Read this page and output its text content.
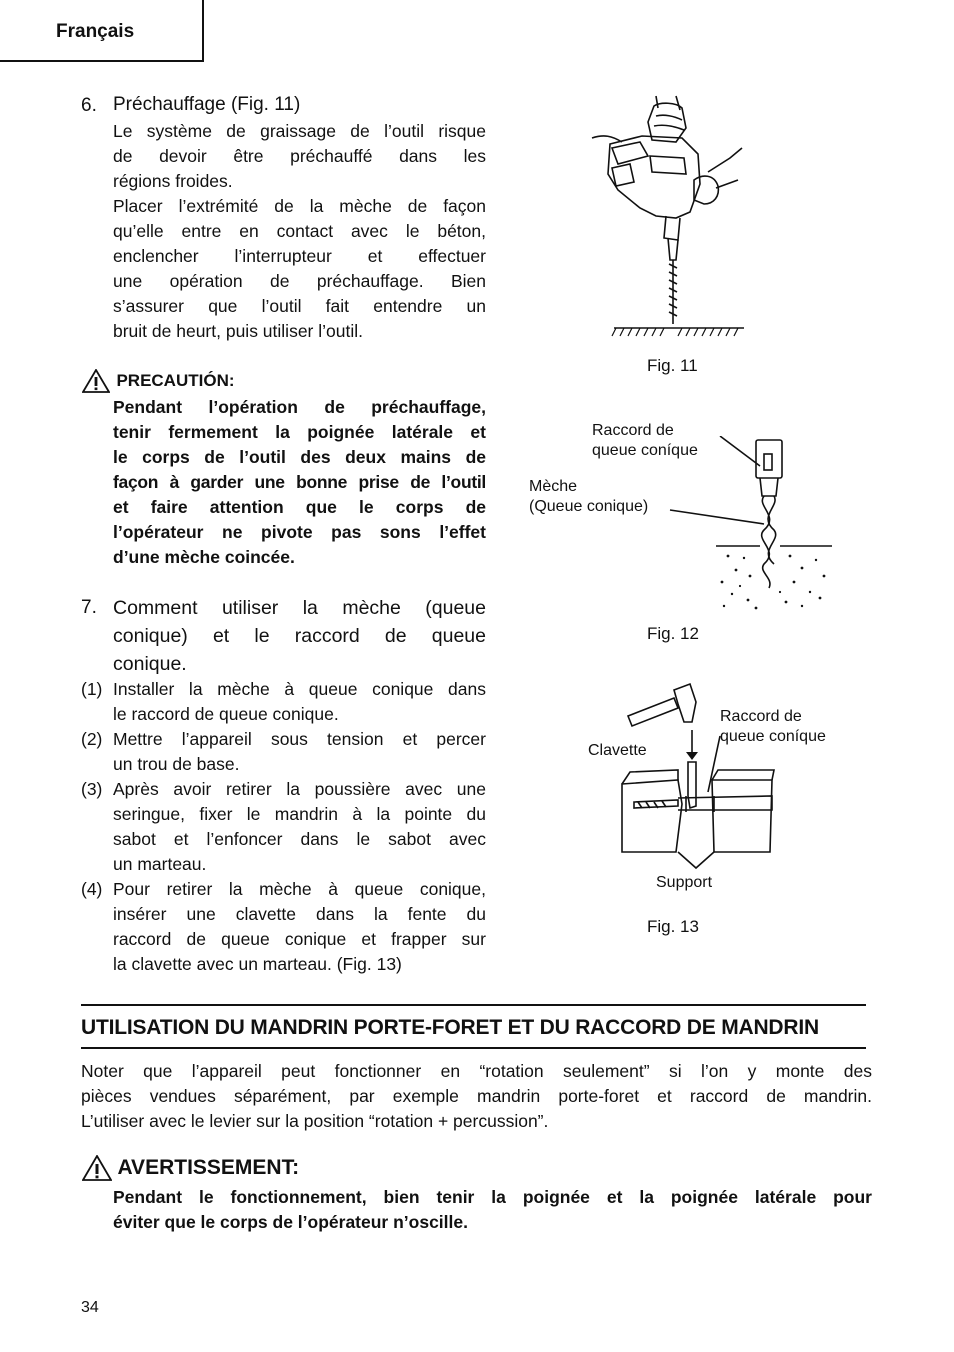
Français
6. Préchauffage (Fig. 11)
Le système de graissage de l’outil risque
de devoir être préchauffé dans les
régions froides.
Placer l’extrémité de la mèche de façon
qu’elle entre en contact avec le béton,
enclencher l’interrupteur et effectuer
une opération de préchauffage. Bien
s’assurer que l’outil fait entendre un
bruit de heurt, puis utiliser l’outil.
PRECAUTIÓN:
Pendant l’opération de préchauffage,
tenir fermement la poignée latérale et
le corps de l’outil des deux mains de
façon à garder une bonne prise de l’outil
et faire attention que le corps de
l’opérateur ne pivote pas sons l’effet
d’une mèche coincée.
7. Comment utiliser la mèche (queue
conique) et le raccord de queue
conique.
(1) Installer la mèche à queue conique dans
le raccord de queue conique.
(2) Mettre l’appareil sous tension et percer
un trou de base.
(3) Après avoir retirer la poussière avec une
seringue, fixer le mandrin à la pointe du
sabot et l’enfoncer dans le sabot avec
un marteau.
(4) Pour retirer la mèche à queue conique,
insérer une clavette dans la fente du
raccord de queue conique et frapper sur
la clavette avec un marteau. (Fig. 13)
Fig. 11
Raccord de
queue coníque
Mèche
(Queue conique)
Fig. 12
Raccord de
queue coníque
Clavette
Support
Fig. 13
UTILISATION DU MANDRIN PORTE-FORET ET DU RACCORD DE MANDRIN
Noter que l’appareil peut fonctionner en “rotation seulement” si l’on y monte des
pièces vendues séparément, par exemple mandrin porte-foret et raccord de mandrin.
L’utiliser avec le levier sur la position “rotation + percussion”.
AVERTISSEMENT:
Pendant le fonctionnement, bien tenir la poignée et la poignée latérale pour
éviter que le corps de l’opérateur n’oscille.
34
